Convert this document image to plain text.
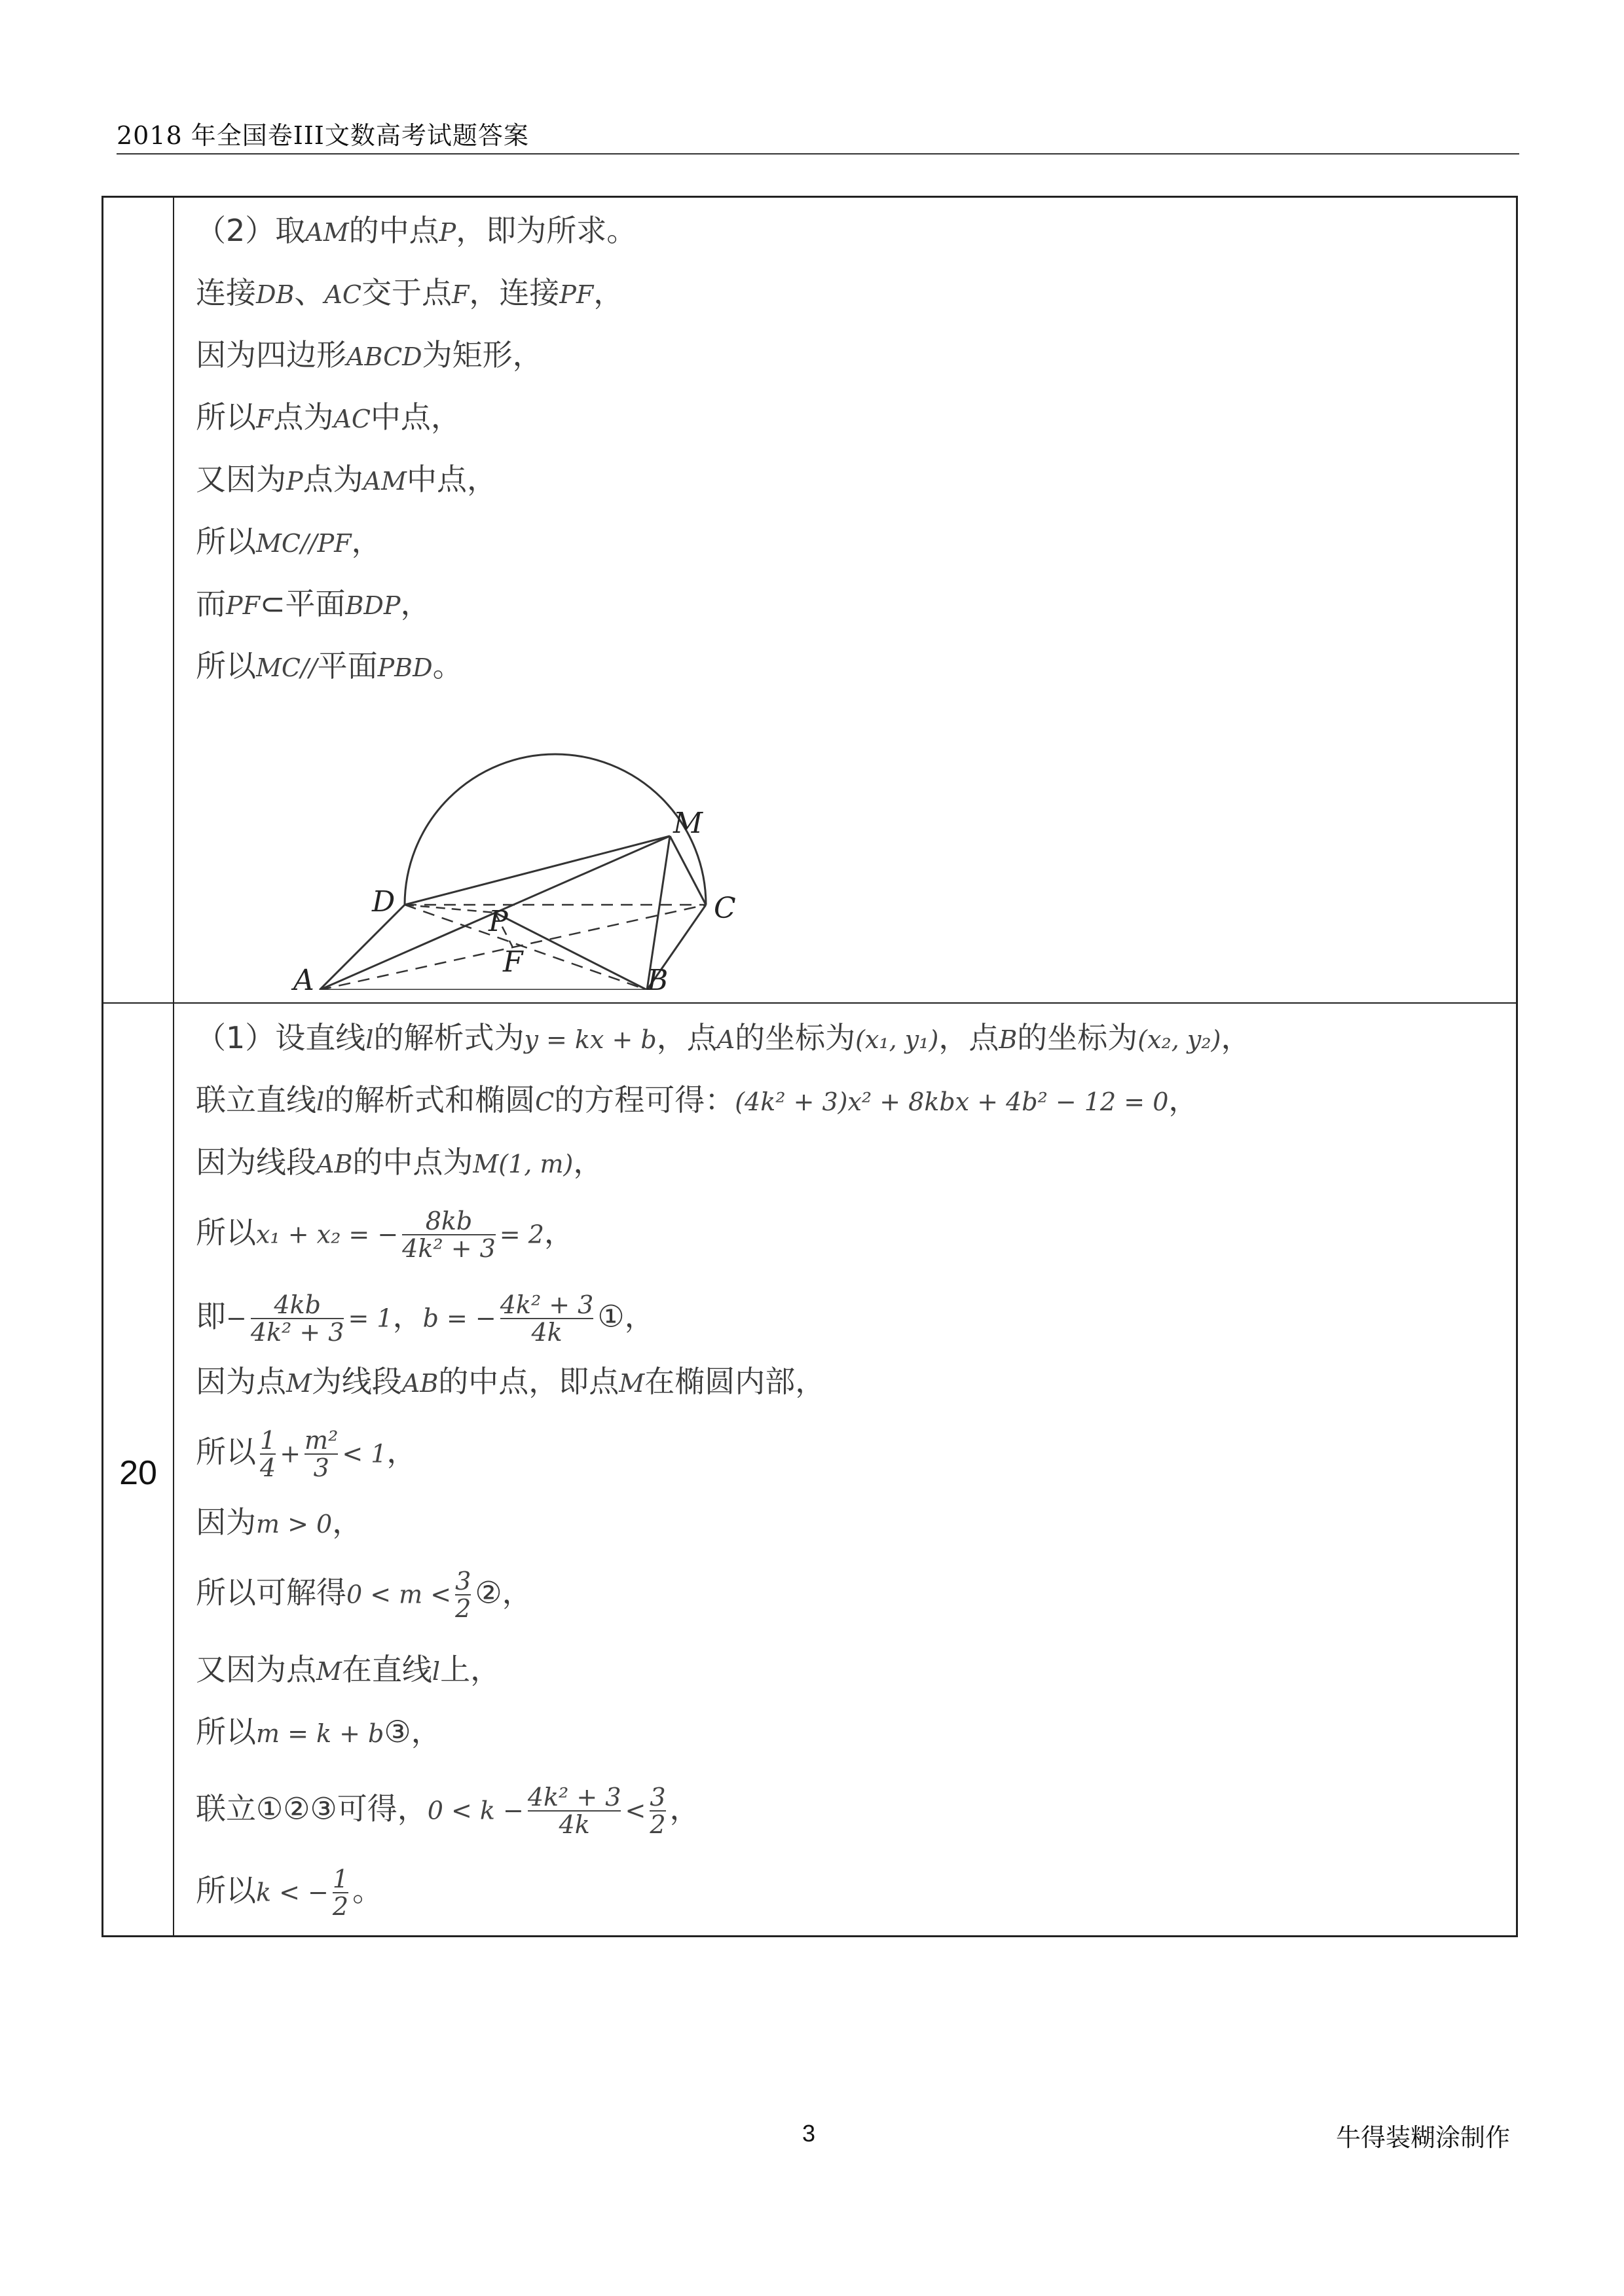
2018 年全国卷III文数高考试题答案
（2）取AM的中点P，即为所求。
连接DB、AC交于点F，连接PF，
因为四边形ABCD为矩形，
所以F点为AC中点，
又因为P点为AM中点，
所以MC//PF，
而PF⊂平面BDP，
所以MC//平面PBD。
M
D	C
P
F
A	B
20
（1）设直线l的解析式为y = kx + b，点A的坐标为(x₁, y₁)，点B的坐标为(x₂, y₂)，
联立直线l的解析式和椭圆C的方程可得：(4k² + 3)x² + 8kbx + 4b² − 12 = 0，
因为线段AB的中点为M(1, m)，
所以x₁ + x₂ = − $\frac{8kb}{\text{4k² + 3}} = 2$，
即− $\frac{4kb}{\text{4k² + 3}} = 1$，b = − $\frac{\text{4k² + 3}}{4k}$ ①，
因为点M为线段AB的中点，即点M在椭圆内部，
所以 $\frac{1}{4} + \frac{\text{m²}}{3} < 1$，
因为m > 0，
所以可解得$0 < m < \frac{3}{2}$ ②，
又因为点M在直线l上，
所以m = k + b③，
联立①②③可得，$0 < k - \frac{\text{4k² + 3}}{4k} < \frac{3}{2}$ ，
所以k < − $\frac{1}{2}$ 。
3	牛得装糊涂制作
